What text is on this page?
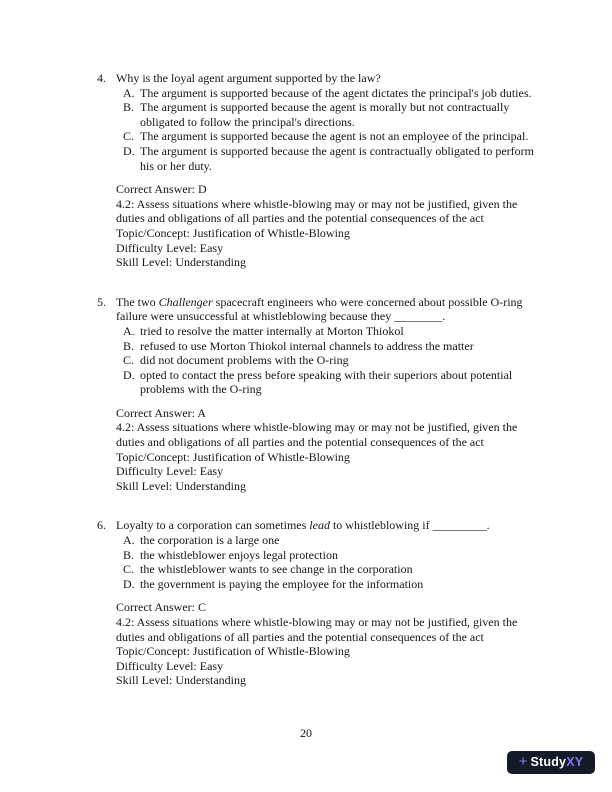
4. Why is the loyal agent argument supported by the law?
A. The argument is supported because of the agent dictates the principal's job duties.
B. The argument is supported because the agent is morally but not contractually obligated to follow the principal's directions.
C. The argument is supported because the agent is not an employee of the principal.
D. The argument is supported because the agent is contractually obligated to perform his or her duty.
Correct Answer: D
4.2: Assess situations where whistle-blowing may or may not be justified, given the duties and obligations of all parties and the potential consequences of the act
Topic/Concept: Justification of Whistle-Blowing
Difficulty Level: Easy
Skill Level: Understanding
5. The two Challenger spacecraft engineers who were concerned about possible O-ring failure were unsuccessful at whistleblowing because they ________.
A. tried to resolve the matter internally at Morton Thiokol
B. refused to use Morton Thiokol internal channels to address the matter
C. did not document problems with the O-ring
D. opted to contact the press before speaking with their superiors about potential problems with the O-ring
Correct Answer: A
4.2: Assess situations where whistle-blowing may or may not be justified, given the duties and obligations of all parties and the potential consequences of the act
Topic/Concept: Justification of Whistle-Blowing
Difficulty Level: Easy
Skill Level: Understanding
6. Loyalty to a corporation can sometimes lead to whistleblowing if _________.
A. the corporation is a large one
B. the whistleblower enjoys legal protection
C. the whistleblower wants to see change in the corporation
D. the government is paying the employee for the information
Correct Answer: C
4.2: Assess situations where whistle-blowing may or may not be justified, given the duties and obligations of all parties and the potential consequences of the act
Topic/Concept: Justification of Whistle-Blowing
Difficulty Level: Easy
Skill Level: Understanding
20
+ StudyXY
